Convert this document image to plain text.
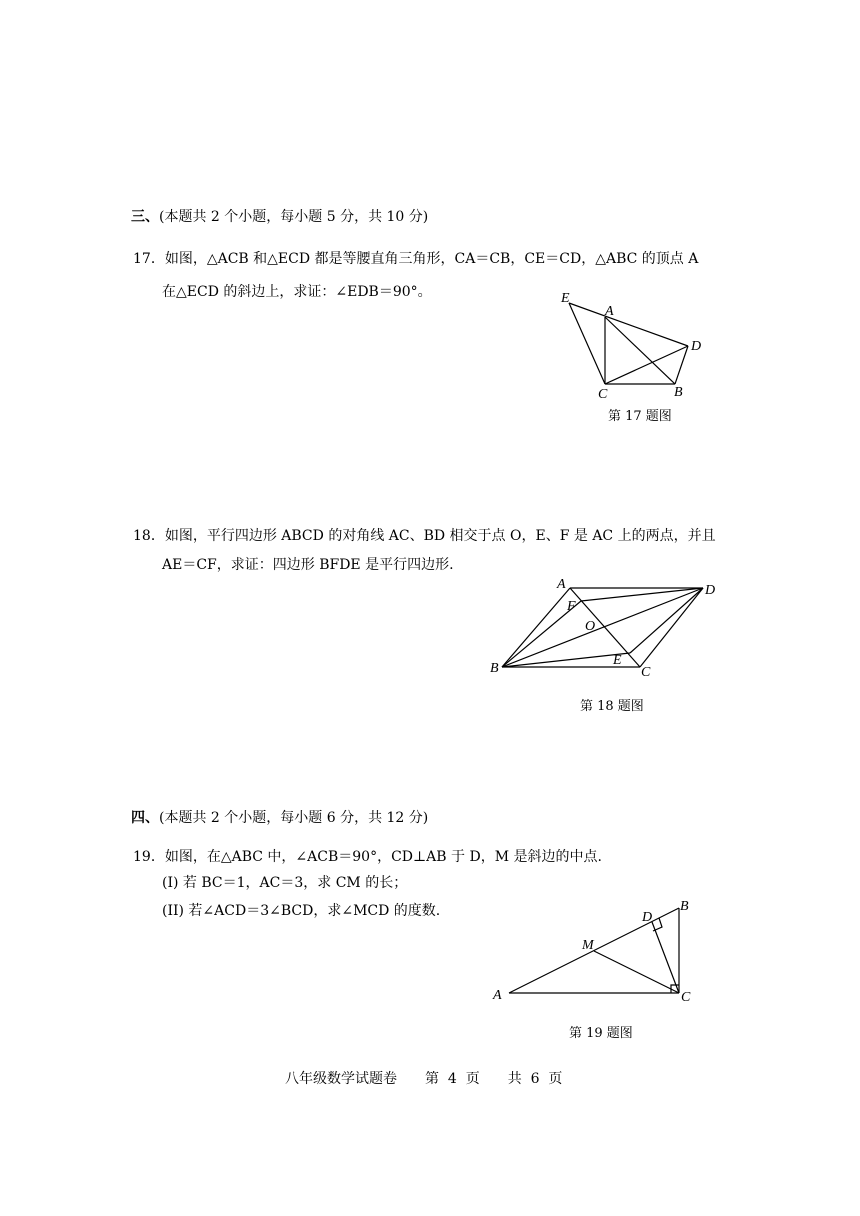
三、(本题共 2 个小题，每小题 5 分，共 10 分)
17．如图，△ACB 和△ECD 都是等腰直角三角形，CA＝CB，CE＝CD，△ABC 的顶点 A
在△ECD 的斜边上，求证：∠EDB＝90°。	E
A
D
C	B
第 17 题图
18．如图，平行四边形 ABCD 的对角线 AC、BD 相交于点 O，E、F 是 AC 上的两点，并且
AE＝CF，求证：四边形 BFDE 是平行四边形.
A	D
F
O
B
E
C
第 18 题图
四、(本题共 2 个小题，每小题 6 分，共 12 分)
19．如图，在△ABC 中，∠ACB＝90°，CD⊥AB 于 D，M 是斜边的中点.
(I) 若 BC＝1，AC＝3，求 CM 的长；
(II) 若∠ACD＝3∠BCD，求∠MCD 的度数.	D
B
M
A	C
第 19 题图
八年级数学试题卷　　第  4  页　　共  6  页
